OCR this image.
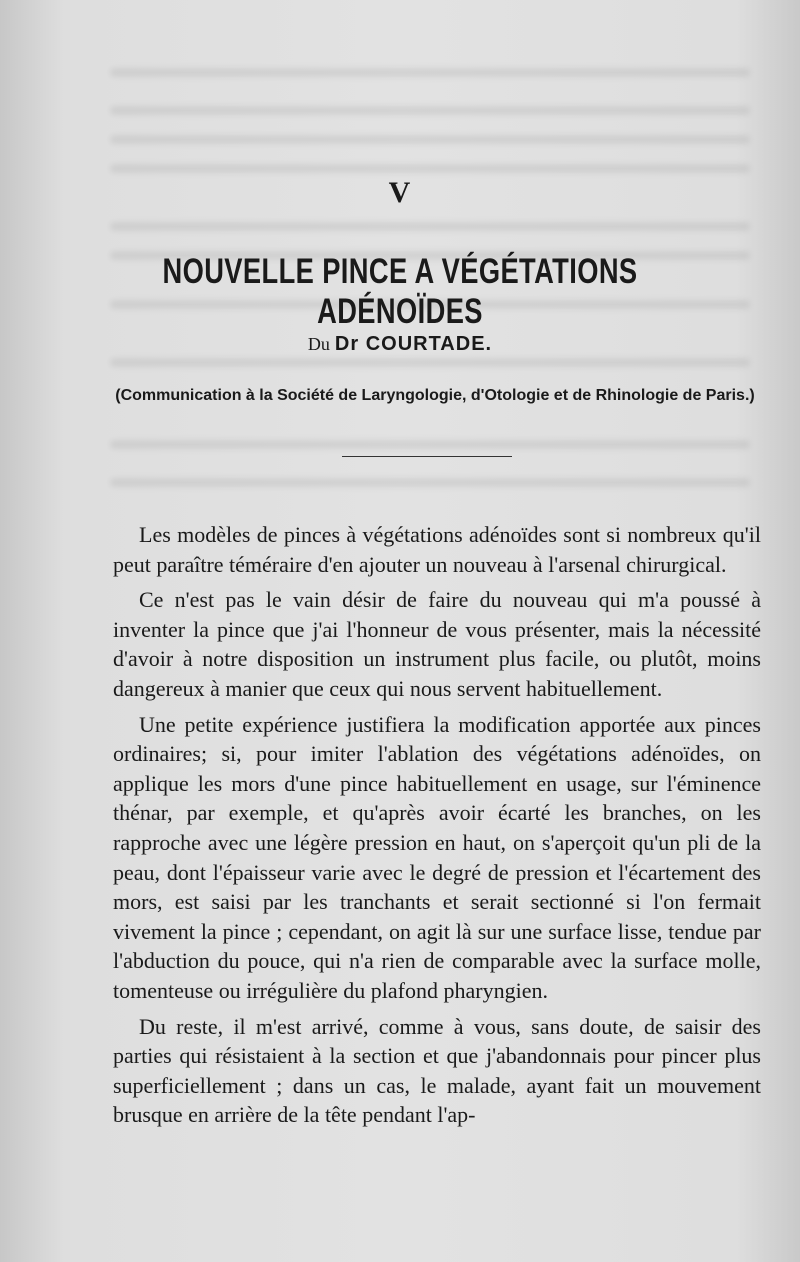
V
NOUVELLE PINCE A VÉGÉTATIONS ADÉNOÏDES
Du Dr COURTADE.
(Communication à la Société de Laryngologie, d'Otologie et de Rhinologie de Paris.)

Les modèles de pinces à végétations adénoïdes sont si nombreux qu'il peut paraître téméraire d'en ajouter un nouveau à l'arsenal chirurgical.

Ce n'est pas le vain désir de faire du nouveau qui m'a poussé à inventer la pince que j'ai l'honneur de vous présenter, mais la nécessité d'avoir à notre disposition un instrument plus facile, ou plutôt, moins dangereux à manier que ceux qui nous servent habituellement.

Une petite expérience justifiera la modification apportée aux pinces ordinaires; si, pour imiter l'ablation des végétations adénoïdes, on applique les mors d'une pince habituellement en usage, sur l'éminence thénar, par exemple, et qu'après avoir écarté les branches, on les rapproche avec une légère pression en haut, on s'aperçoit qu'un pli de la peau, dont l'épaisseur varie avec le degré de pression et l'écartement des mors, est saisi par les tranchants et serait sectionné si l'on fermait vivement la pince ; cependant, on agit là sur une surface lisse, tendue par l'abduction du pouce, qui n'a rien de comparable avec la surface molle, tomenteuse ou irrégulière du plafond pharyngien.

Du reste, il m'est arrivé, comme à vous, sans doute, de saisir des parties qui résistaient à la section et que j'abandonnais pour pincer plus superficiellement ; dans un cas, le malade, ayant fait un mouvement brusque en arrière de la tête pendant l'ap-
